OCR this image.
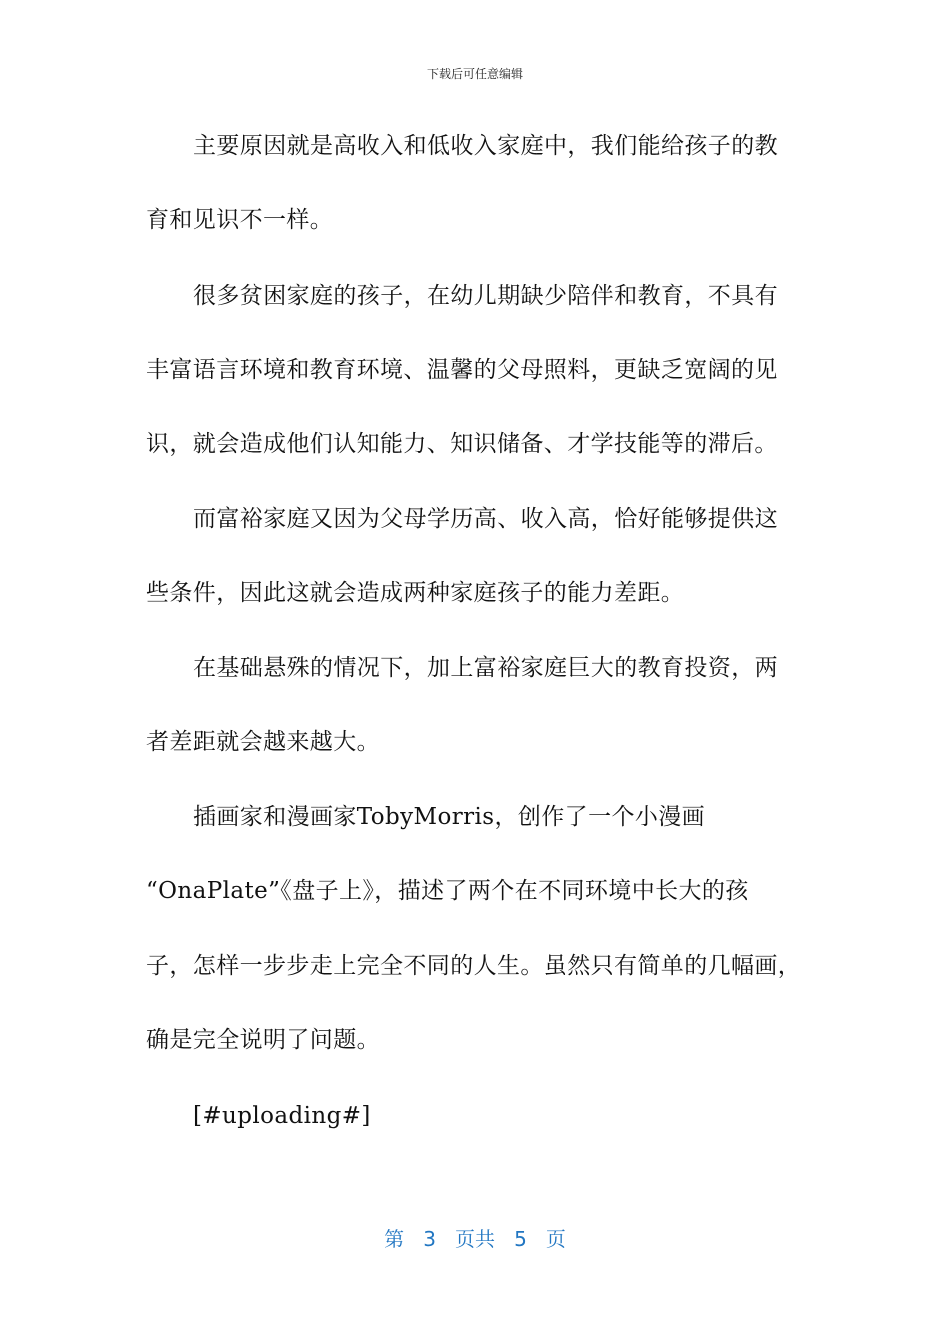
下载后可任意编辑
主要原因就是高收入和低收入家庭中，我们能给孩子的教
育和见识不一样。
很多贫困家庭的孩子，在幼儿期缺少陪伴和教育，不具有
丰富语言环境和教育环境、温馨的父母照料，更缺乏宽阔的见
识，就会造成他们认知能力、知识储备、才学技能等的滞后。
而富裕家庭又因为父母学历高、收入高，恰好能够提供这
些条件，因此这就会造成两种家庭孩子的能力差距。
在基础悬殊的情况下，加上富裕家庭巨大的教育投资，两
者差距就会越来越大。
插画家和漫画家TobyMorris，创作了一个小漫画
“OnaPlate”《盘子上》，描述了两个在不同环境中长大的孩
子，怎样一步步走上完全不同的人生。虽然只有简单的几幅画，
确是完全说明了问题。
[#uploading#]
第 3 页共 5 页
